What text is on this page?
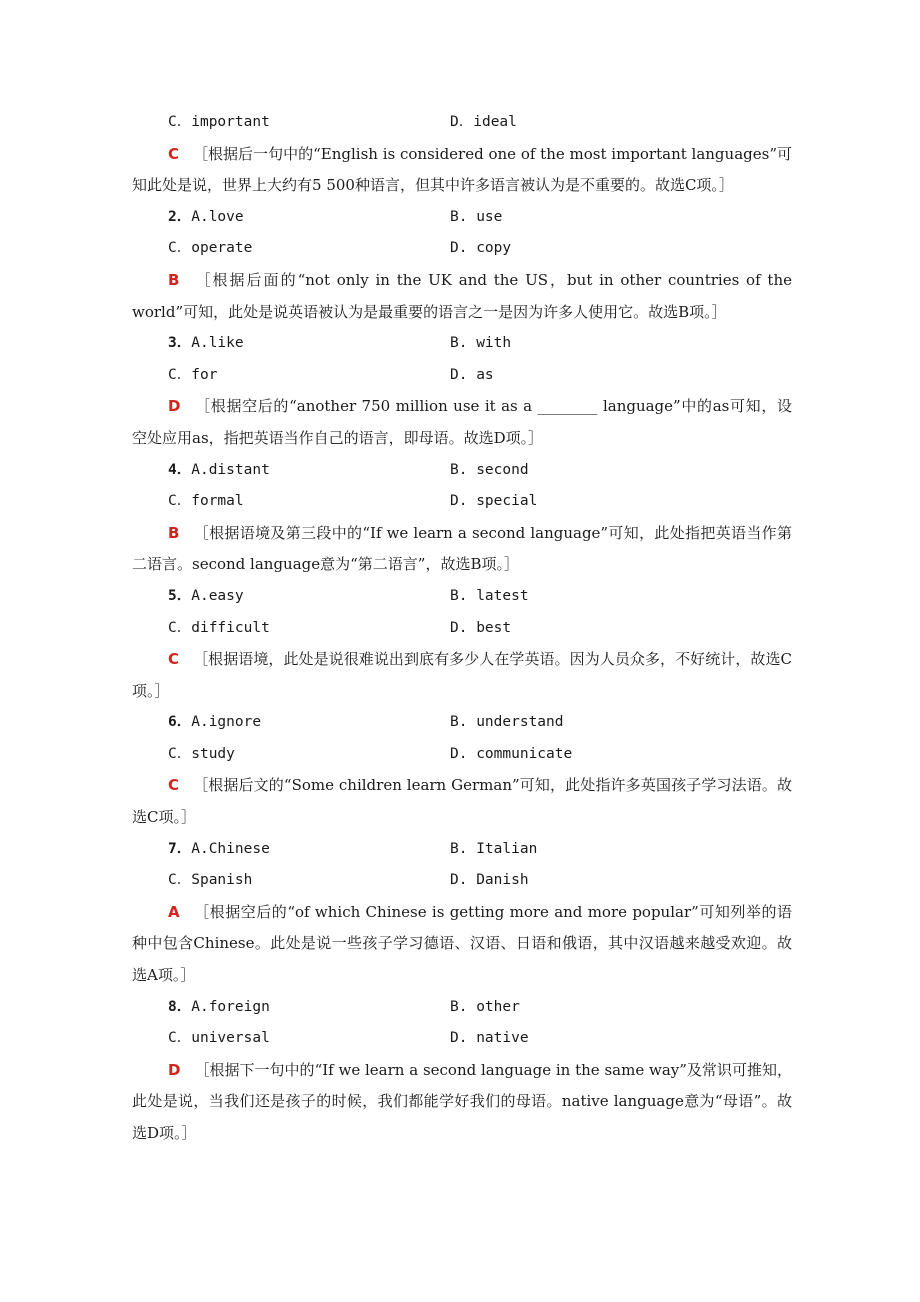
C．important	D．ideal

C ［根据后一句中的“English is considered one of the most important languages”可知此处是说，世界上大约有5 500种语言，但其中许多语言被认为是不重要的。故选C项。］

2．A.love	B. use
C．operate	D. copy

B ［根据后面的“not only in the UK and the US，but in other countries of the world”可知，此处是说英语被认为是最重要的语言之一是因为许多人使用它。故选B项。］

3．A.like	B. with
C．for	D. as

D ［根据空后的“another 750 million use it as a ________ language”中的as可知，设空处应用as，指把英语当作自己的语言，即母语。故选D项。］

4．A.distant	B. second
C．formal	D. special

B ［根据语境及第三段中的“If we learn a second language”可知，此处指把英语当作第二语言。second language意为“第二语言”，故选B项。］

5．A.easy	B. latest
C．difficult	D. best

C ［根据语境，此处是说很难说出到底有多少人在学英语。因为人员众多，不好统计，故选C项。］

6．A.ignore	B. understand
C．study	D. communicate

C ［根据后文的“Some children learn German”可知，此处指许多英国孩子学习法语。故选C项。］

7．A.Chinese	B. Italian
C．Spanish	D. Danish

A ［根据空后的“of which Chinese is getting more and more popular”可知列举的语种中包含Chinese。此处是说一些孩子学习德语、汉语、日语和俄语，其中汉语越来越受欢迎。故选A项。］

8．A.foreign	B. other
C．universal	D. native

D ［根据下一句中的“If we learn a second language in the same way”及常识可推知，此处是说，当我们还是孩子的时候，我们都能学好我们的母语。native language意为“母语”。故选D项。］
